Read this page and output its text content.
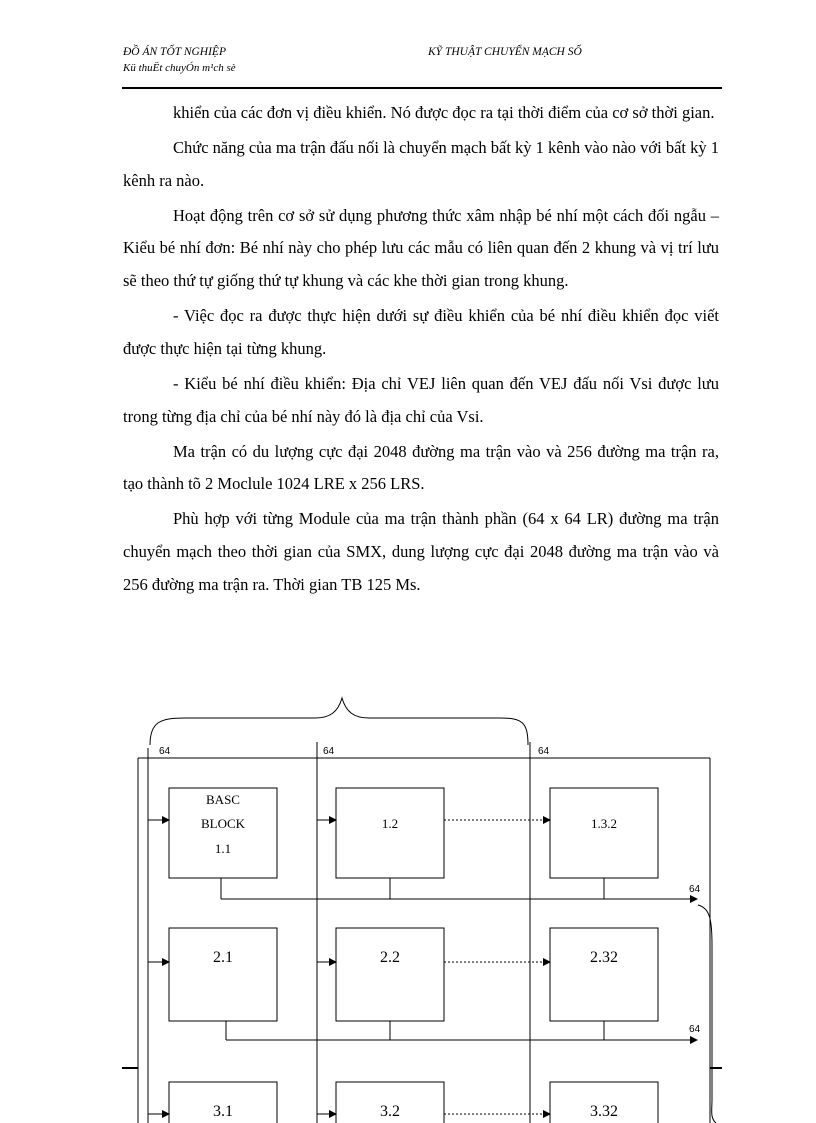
ĐỒ ÁN TỐT NGHIỆP
Kü thuËt chuyÓn m¹ch sè
KỸ THUẬT CHUYỂN MẠCH SỐ

khiển của các đơn vị điều khiển. Nó được đọc ra tại thời điểm của cơ sở thời gian.

Chức năng của ma trận đấu nối là chuyển mạch bất kỳ 1 kênh vào nào với bất kỳ 1 kênh ra nào.

Hoạt động trên cơ sở sử dụng phương thức xâm nhập bé nhí một cách đối ngẫu – Kiểu bé nhí đơn: Bé nhí này cho phép lưu các mẫu có liên quan đến 2 khung và vị trí lưu sẽ theo thứ tự giống thứ tự khung và các khe thời gian trong khung.

- Việc đọc ra được thực hiện dưới sự điều khiển của bé nhí điều khiển đọc viết được thực hiện tại từng khung.

- Kiểu bé nhí điều khiển: Địa chỉ VEJ liên quan đến VEJ đấu nối Vsi được lưu trong từng địa chỉ của bé nhí này đó là địa chỉ của Vsi.

Ma trận có du lượng cực đại 2048 đường ma trận vào và 256 đường ma trận ra, tạo thành tõ 2 Moclule 1024 LRE x 256 LRS.

Phù hợp với từng Module của ma trận thành phần (64 x 64 LR) đường ma trận chuyển mạch theo thời gian của SMX, dung lượng cực đại 2048 đường ma trận vào và 256 đường ma trận ra. Thời gian TB 125 Ms.

64	64	64
64
64
BASC
BLOCK
1.1
1.2	1.3.2
2.1	2.2	2.32
3.1	3.2	3.32
